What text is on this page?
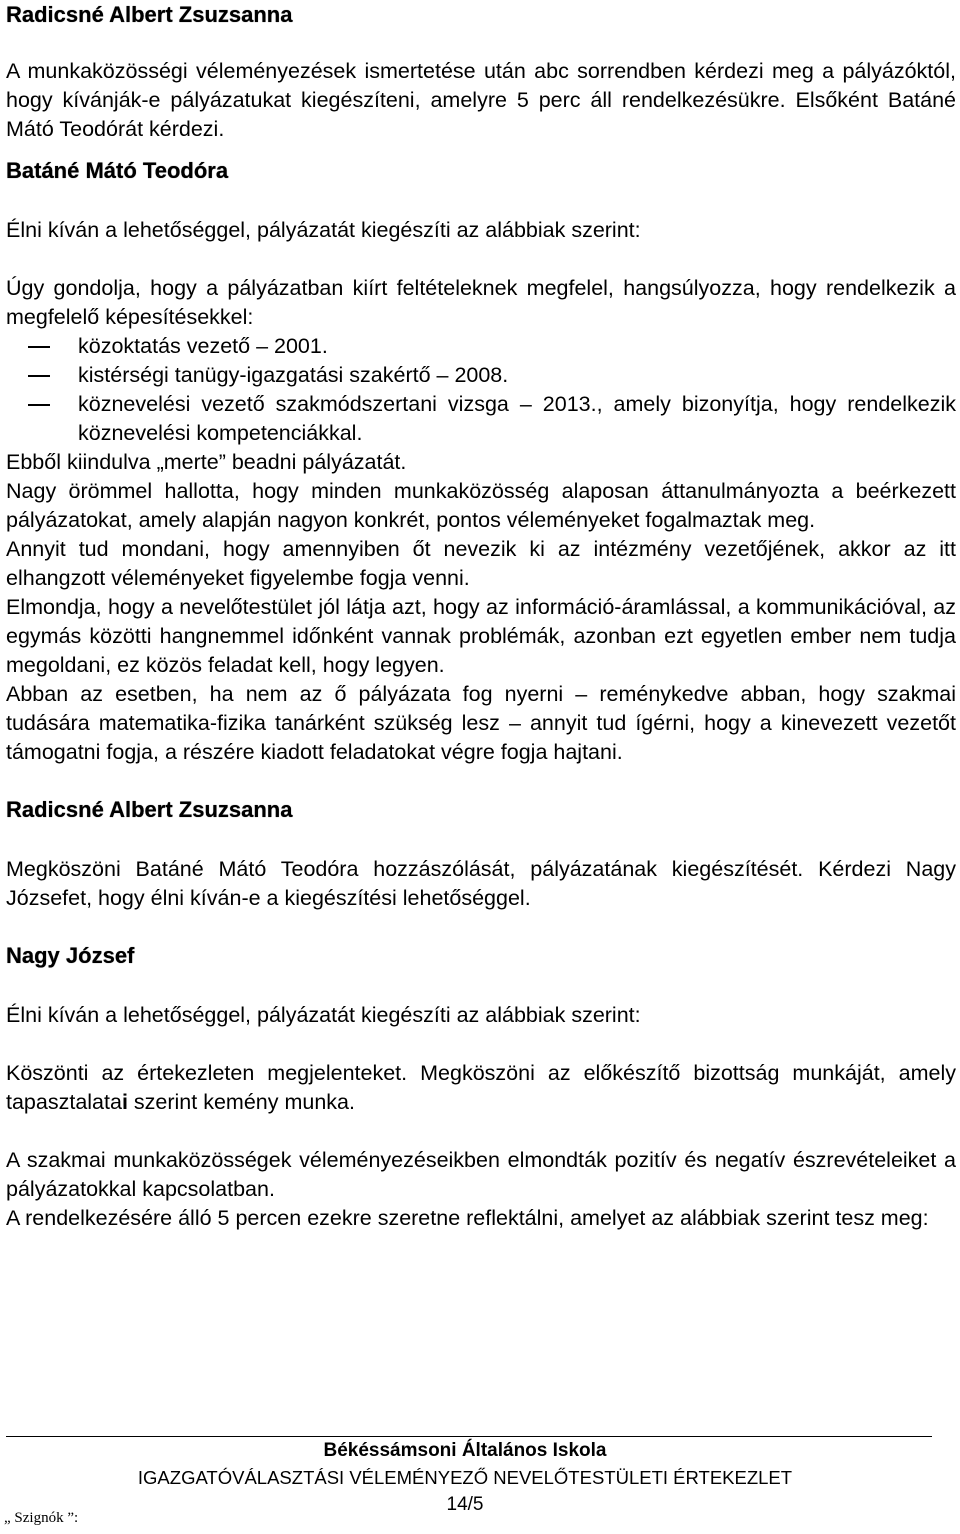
Radicsné Albert Zsuzsanna

A munkaközösségi véleményezések ismertetése után abc sorrendben kérdezi meg a pályázóktól, hogy kívánják-e pályázatukat kiegészíteni, amelyre 5 perc áll rendelkezésükre. Elsőként Batáné Mátó Teodórát kérdezi.

Batáné Mátó Teodóra

Élni kíván a lehetőséggel, pályázatát kiegészíti az alábbiak szerint:

Úgy gondolja, hogy a pályázatban kiírt feltételeknek megfelel, hangsúlyozza, hogy rendelkezik a megfelelő képesítésekkel:

közoktatás vezető – 2001.
kistérségi tanügy-igazgatási szakértő – 2008.
köznevelési vezető szakmódszertani vizsga – 2013., amely bizonyítja, hogy rendelkezik köznevelési kompetenciákkal.

Ebből kiindulva „merte” beadni pályázatát.

Nagy örömmel hallotta, hogy minden munkaközösség alaposan áttanulmányozta a beérkezett pályázatokat, amely alapján nagyon konkrét, pontos véleményeket fogalmaztak meg.

Annyit tud mondani, hogy amennyiben őt nevezik ki az intézmény vezetőjének, akkor az itt elhangzott véleményeket figyelembe fogja venni.

Elmondja, hogy a nevelőtestület jól látja azt, hogy az információ-áramlással, a kommunikációval, az egymás közötti hangnemmel időnként vannak problémák, azonban ezt egyetlen ember nem tudja megoldani, ez közös feladat kell, hogy legyen.

Abban az esetben, ha nem az ő pályázata fog nyerni – reménykedve abban, hogy szakmai tudására matematika-fizika tanárként szükség lesz – annyit tud ígérni, hogy a kinevezett vezetőt támogatni fogja, a részére kiadott feladatokat végre fogja hajtani.

Radicsné Albert Zsuzsanna

Megköszöni Batáné Mátó Teodóra hozzászólását, pályázatának kiegészítését. Kérdezi Nagy Józsefet, hogy élni kíván-e a kiegészítési lehetőséggel.

Nagy József

Élni kíván a lehetőséggel, pályázatát kiegészíti az alábbiak szerint:

Köszönti az értekezleten megjelenteket. Megköszöni az előkészítő bizottság munkáját, amely tapasztalatai szerint kemény munka.

A szakmai munkaközösségek véleményezéseikben elmondták pozitív és negatív észrevételeiket a pályázatokkal kapcsolatban.

A rendelkezésére álló 5 percen ezekre szeretne reflektálni, amelyet az alábbiak szerint tesz meg:

Békéssámsoni Általános Iskola
IGAZGATÓVÁLASZTÁSI VÉLEMÉNYEZŐ NEVELŐTESTÜLETI ÉRTEKEZLET
14/5
„ Szignók ”:
